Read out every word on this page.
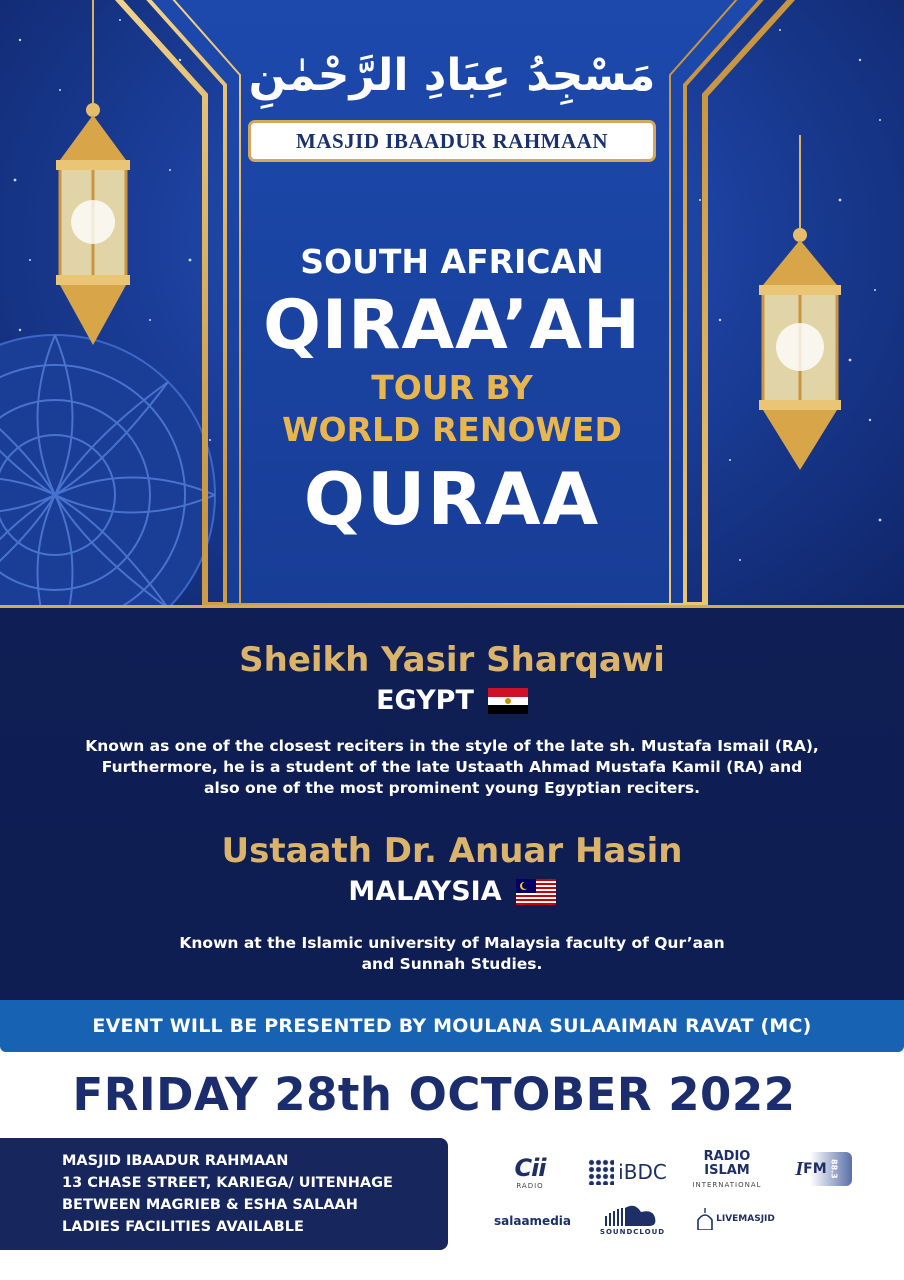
مَسْجِدُ عِبَادِ الرَّحْمٰنِ
MASJID IBAADUR RAHMAAN
SOUTH AFRICAN
QIRAA’AH
TOUR BY
WORLD RENOWED
QURAA
Sheikh Yasir Sharqawi
EGYPT
Known as one of the closest reciters in the style of the late sh. Mustafa Ismail (RA),
Furthermore, he is a student of the late Ustaath Ahmad Mustafa Kamil (RA) and
also one of the most prominent young Egyptian reciters.
Ustaath Dr. Anuar Hasin
MALAYSIA
Known at the Islamic university of Malaysia faculty of Qur’aan
and Sunnah Studies.
EVENT WILL BE PRESENTED BY MOULANA SULAAIMAN RAVAT (MC)
FRIDAY 28th OCTOBER 2022
MASJID IBAADUR RAHMAAN
13 CHASE STREET, KARIEGA/ UITENHAGE
BETWEEN MAGRIEB & ESHA SALAAH
LADIES FACILITIES AVAILABLE
Cii
RADIO
iBDC
RADIO
ISLAM
INTERNATIONAL
I FM 88.3
salaamedia
SOUNDCLOUD
LIVEMASJID
